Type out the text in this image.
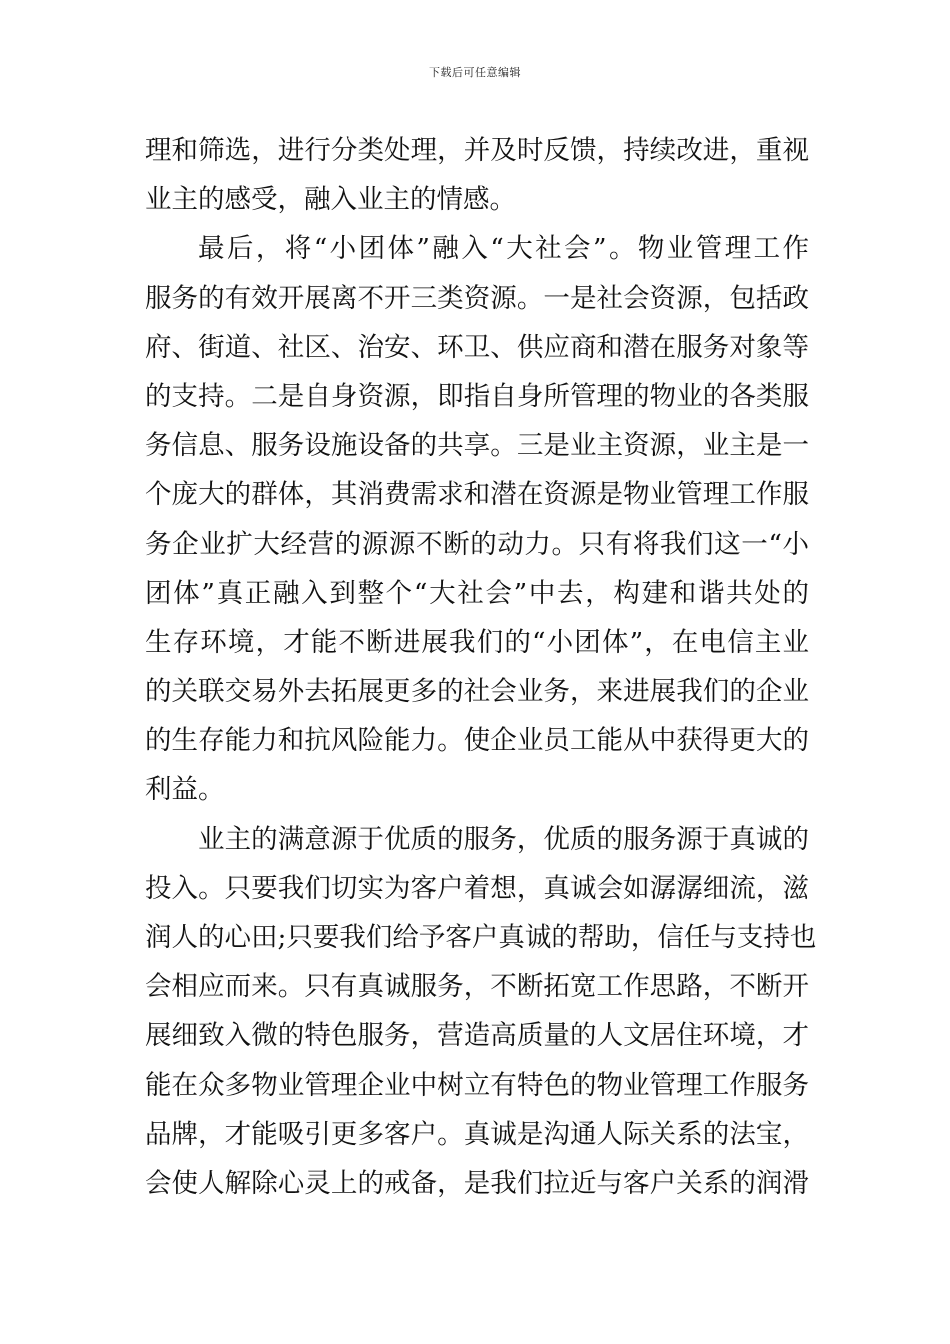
下载后可任意编辑
理和筛选，进行分类处理，并及时反馈，持续改进，重视
业主的感受，融入业主的情感。
最后，将“小团体”融入“大社会”。物业管理工作
服务的有效开展离不开三类资源。一是社会资源，包括政
府、街道、社区、治安、环卫、供应商和潜在服务对象等
的支持。二是自身资源，即指自身所管理的物业的各类服
务信息、服务设施设备的共享。三是业主资源，业主是一
个庞大的群体，其消费需求和潜在资源是物业管理工作服
务企业扩大经营的源源不断的动力。只有将我们这一“小
团体”真正融入到整个“大社会”中去，构建和谐共处的
生存环境，才能不断进展我们的“小团体”，在电信主业
的关联交易外去拓展更多的社会业务，来进展我们的企业
的生存能力和抗风险能力。使企业员工能从中获得更大的
利益。
业主的满意源于优质的服务，优质的服务源于真诚的
投入。只要我们切实为客户着想，真诚会如潺潺细流，滋
润人的心田;只要我们给予客户真诚的帮助，信任与支持也
会相应而来。只有真诚服务，不断拓宽工作思路，不断开
展细致入微的特色服务，营造高质量的人文居住环境，才
能在众多物业管理企业中树立有特色的物业管理工作服务
品牌，才能吸引更多客户。真诚是沟通人际关系的法宝，
会使人解除心灵上的戒备，是我们拉近与客户关系的润滑
